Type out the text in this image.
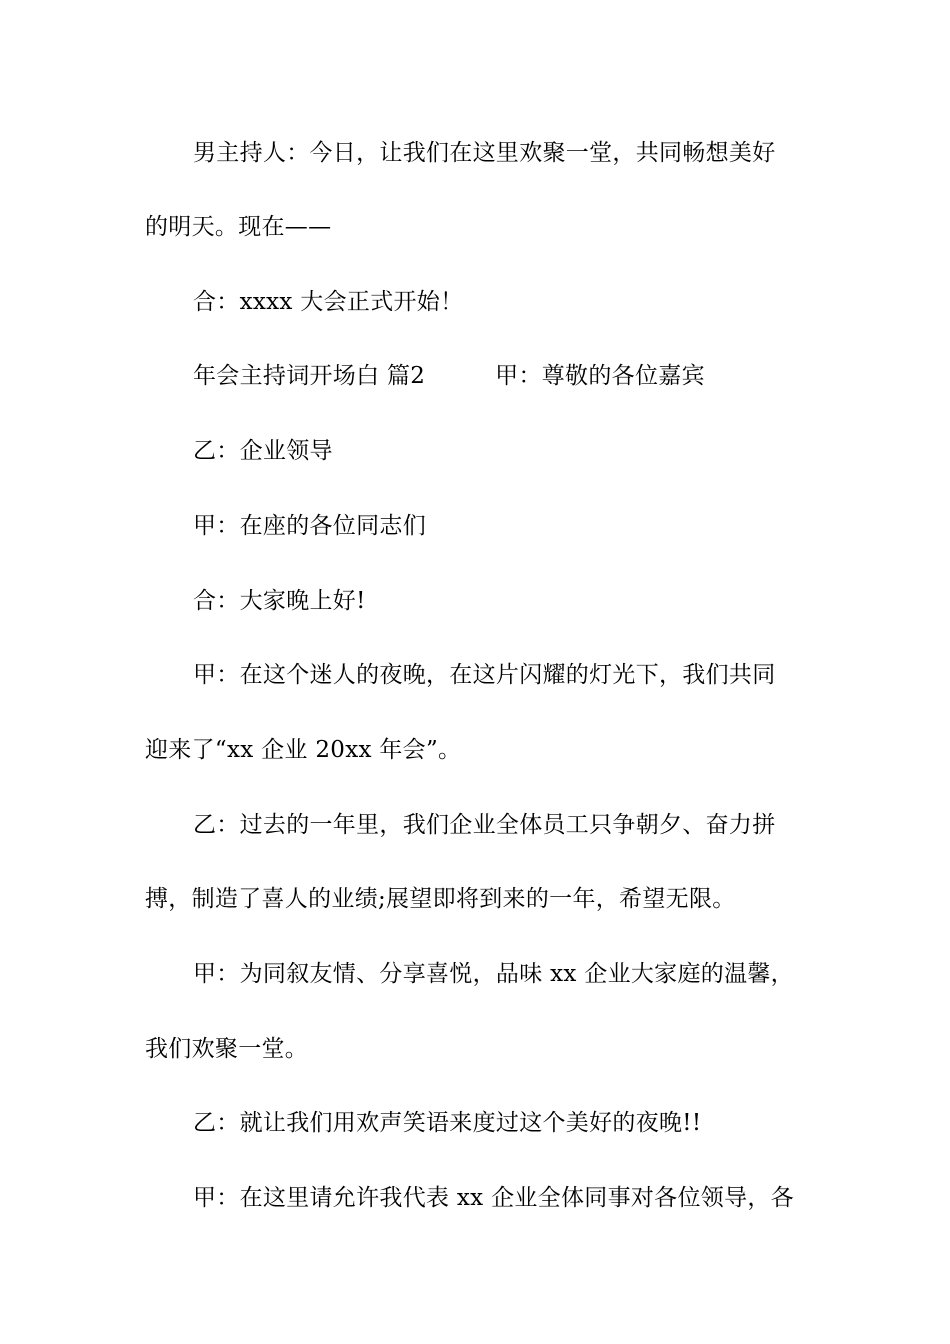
男主持人：今日，让我们在这里欢聚一堂，共同畅想美好
的明天。现在——
合：xxxx 大会正式开始！
年会主持词开场白 篇2　　　甲：尊敬的各位嘉宾
乙：企业领导
甲：在座的各位同志们
合：大家晚上好!
甲：在这个迷人的夜晚，在这片闪耀的灯光下，我们共同
迎来了“xx 企业 20xx 年会”。
乙：过去的一年里，我们企业全体员工只争朝夕、奋力拼
搏，制造了喜人的业绩;展望即将到来的一年，希望无限。
甲：为同叙友情、分享喜悦，品味 xx 企业大家庭的温馨，
我们欢聚一堂。
乙：就让我们用欢声笑语来度过这个美好的夜晚!!
甲：在这里请允许我代表 xx 企业全体同事对各位领导，各
